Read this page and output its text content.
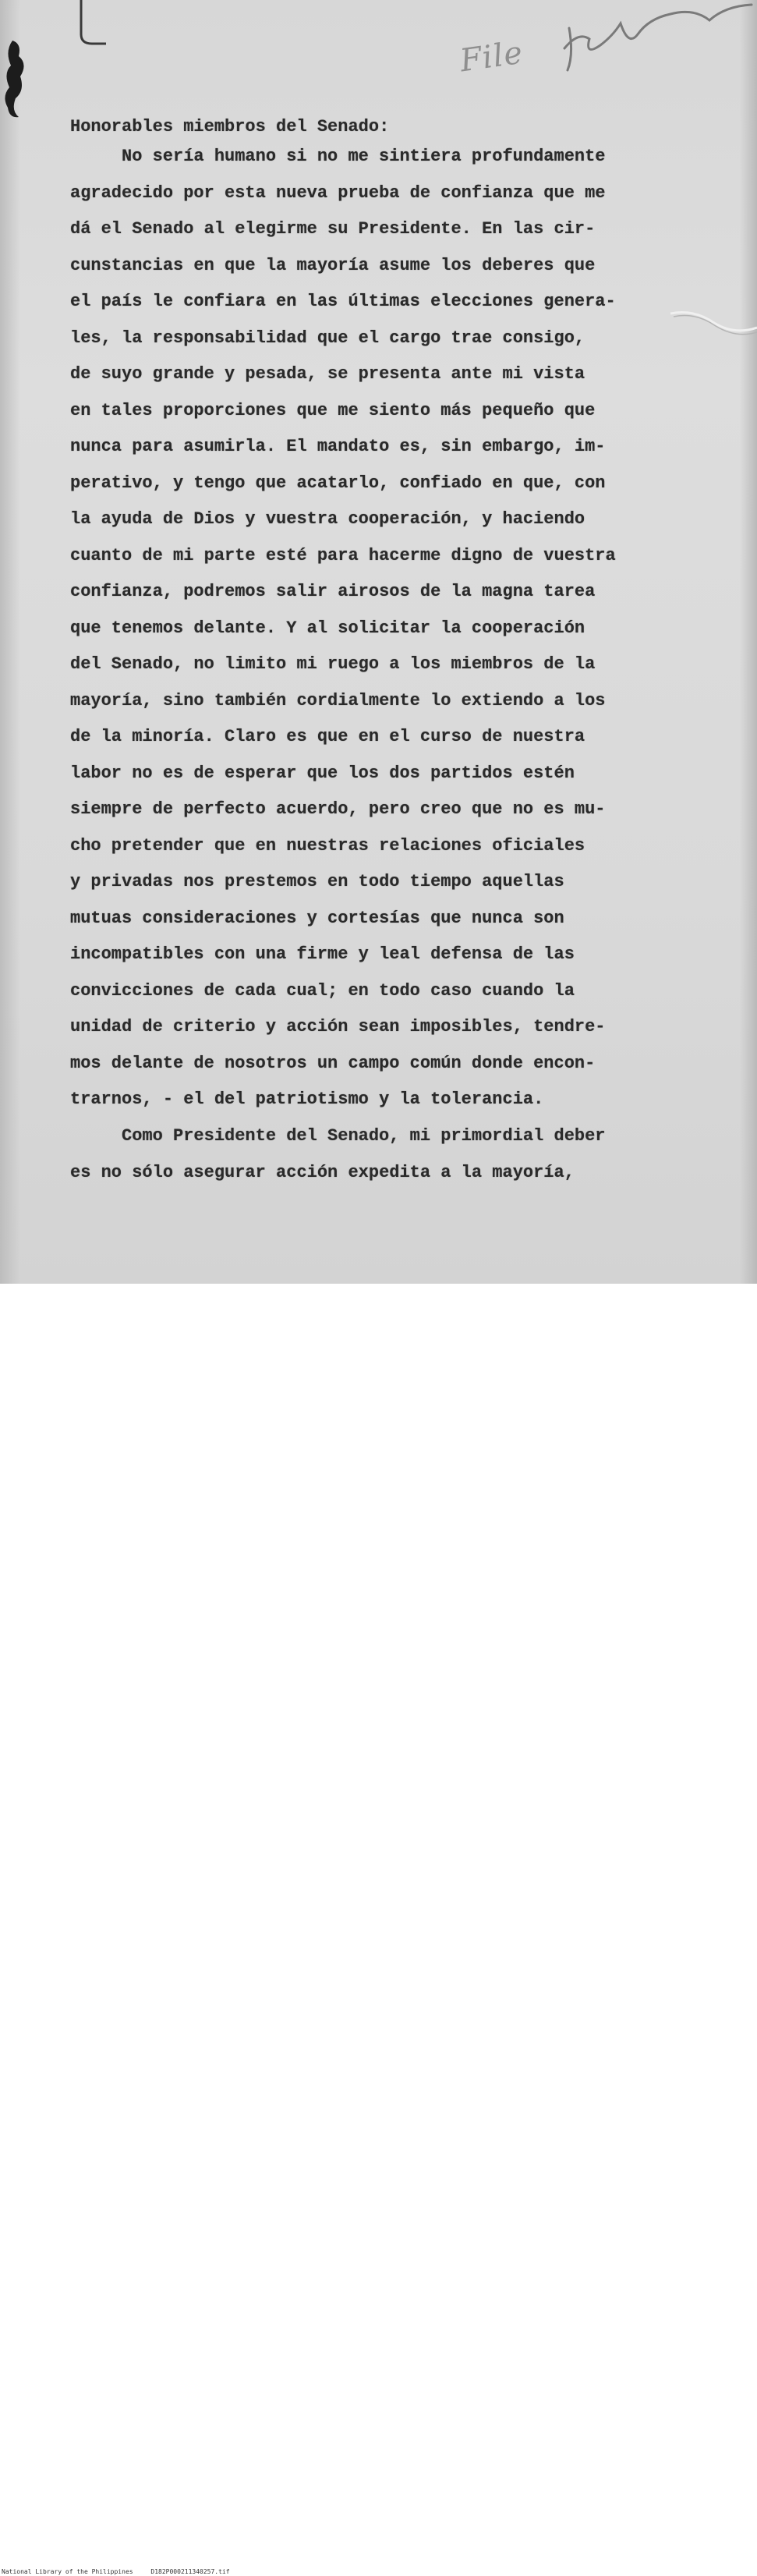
File
Honorables miembros del Senado:
No sería humano si no me sintiera profundamente
agradecido por esta nueva prueba de confianza que me
dá el Senado al elegirme su Presidente. En las cir-
cunstancias en que la mayoría asume los deberes que
el país le confiara en las últimas elecciones genera-
les, la responsabilidad que el cargo trae consigo,
de suyo grande y pesada, se presenta ante mi vista
en tales proporciones que me siento más pequeño que
nunca para asumirla. El mandato es, sin embargo, im-
perativo, y tengo que acatarlo, confiado en que, con
la ayuda de Dios y vuestra cooperación, y haciendo
cuanto de mi parte esté para hacerme digno de vuestra
confianza, podremos salir airosos de la magna tarea
que tenemos delante. Y al solicitar la cooperación
del Senado, no limito mi ruego a los miembros de la
mayoría, sino también cordialmente lo extiendo a los
de la minoría. Claro es que en el curso de nuestra
labor no es de esperar que los dos partidos estén
siempre de perfecto acuerdo, pero creo que no es mu-
cho pretender que en nuestras relaciones oficiales
y privadas nos prestemos en todo tiempo aquellas
mutuas consideraciones y cortesías que nunca son
incompatibles con una firme y leal defensa de las
convicciones de cada cual; en todo caso cuando la
unidad de criterio y acción sean imposibles, tendre-
mos delante de nosotros un campo común donde encon-
trarnos, - el del patriotismo y la tolerancia.
Como Presidente del Senado, mi primordial deber
es no sólo asegurar acción expedita a la mayoría,
National Library of the Philippines	D182P000211340257.tif
